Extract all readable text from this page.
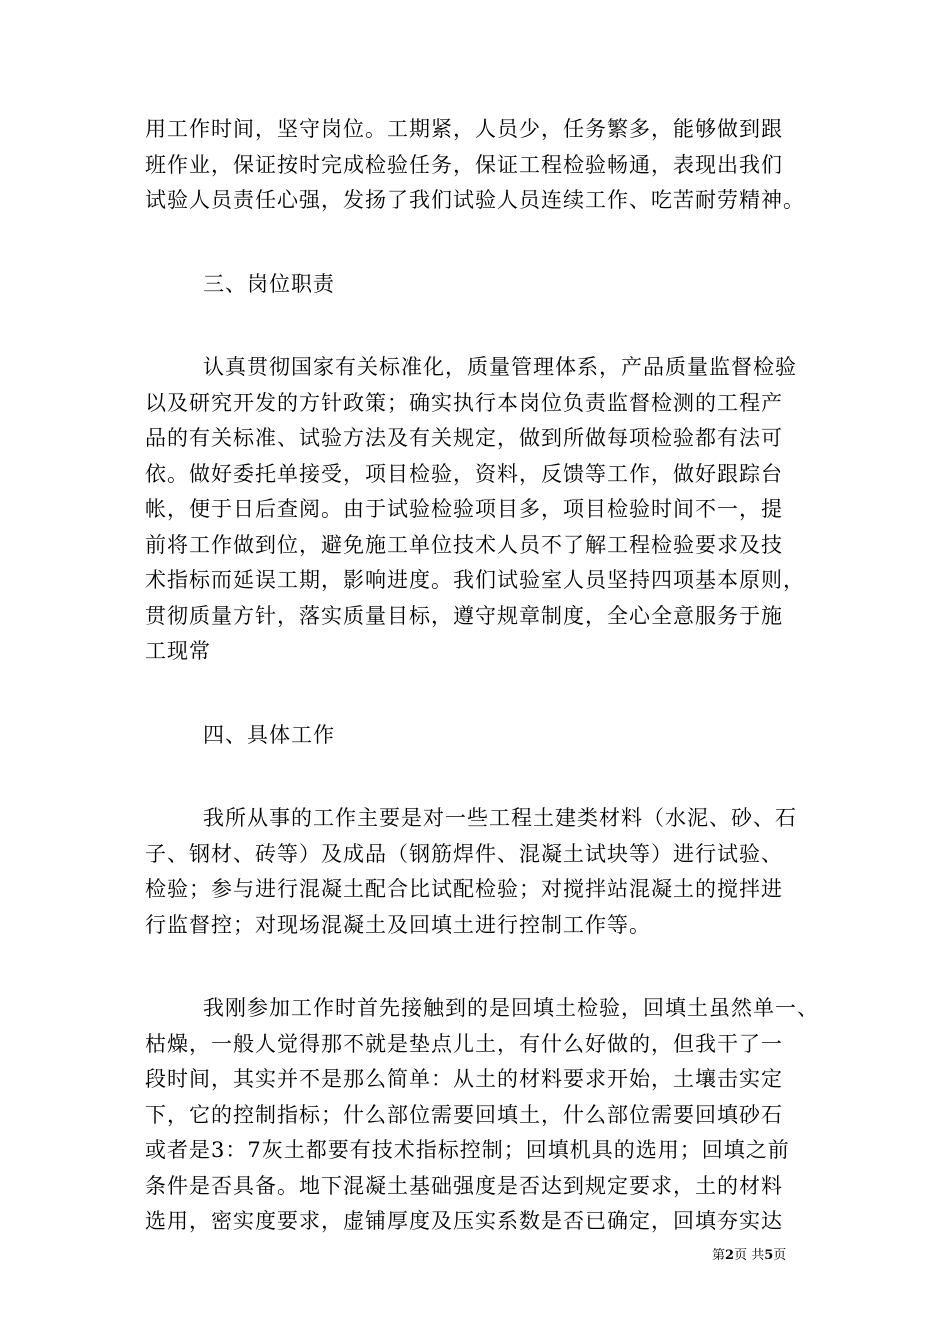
用工作时间，坚守岗位。工期紧，人员少，任务繁多，能够做到跟
班作业，保证按时完成检验任务，保证工程检验畅通，表现出我们
试验人员责任心强，发扬了我们试验人员连续工作、吃苦耐劳精神。

三、岗位职责

认真贯彻国家有关标准化，质量管理体系，产品质量监督检验
以及研究开发的方针政策；确实执行本岗位负责监督检测的工程产
品的有关标准、试验方法及有关规定，做到所做每项检验都有法可
依。做好委托单接受，项目检验，资料，反馈等工作，做好跟踪台
帐，便于日后查阅。由于试验检验项目多，项目检验时间不一，提
前将工作做到位，避免施工单位技术人员不了解工程检验要求及技
术指标而延误工期，影响进度。我们试验室人员坚持四项基本原则，
贯彻质量方针，落实质量目标，遵守规章制度，全心全意服务于施
工现常

四、具体工作

我所从事的工作主要是对一些工程土建类材料（水泥、砂、石
子、钢材、砖等）及成品（钢筋焊件、混凝土试块等）进行试验、
检验；参与进行混凝土配合比试配检验；对搅拌站混凝土的搅拌进
行监督控；对现场混凝土及回填土进行控制工作等。

我刚参加工作时首先接触到的是回填土检验，回填土虽然单一、
枯燥，一般人觉得那不就是垫点儿土，有什么好做的，但我干了一
段时间，其实并不是那么简单：从土的材料要求开始，土壤击实定
下，它的控制指标；什么部位需要回填土，什么部位需要回填砂石
或者是3：7灰土都要有技术指标控制；回填机具的选用；回填之前
条件是否具备。地下混凝土基础强度是否达到规定要求，土的材料
选用，密实度要求，虚铺厚度及压实系数是否已确定，回填夯实达

第2页 共5页
